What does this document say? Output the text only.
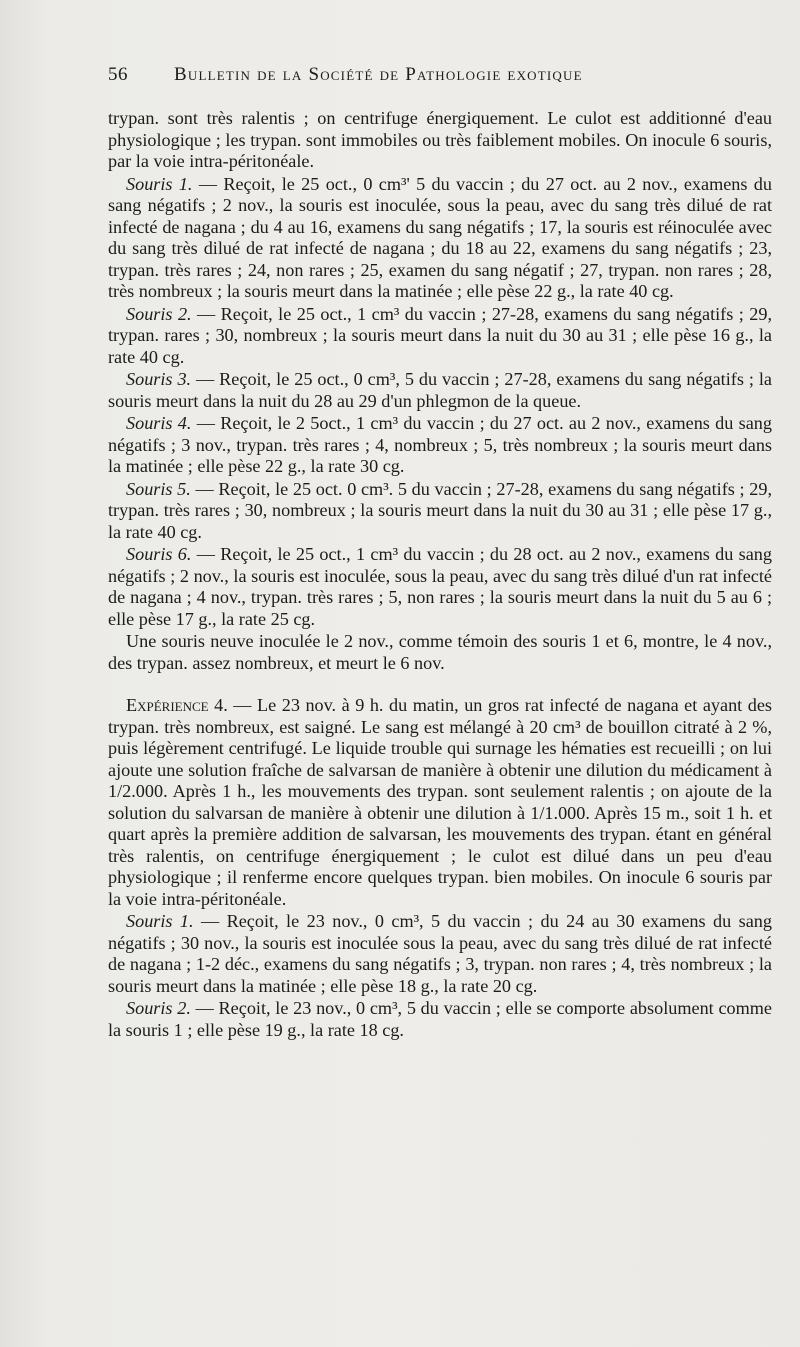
56	Bulletin de la Société de Pathologie exotique

trypan. sont très ralentis ; on centrifuge énergiquement. Le culot est additionné d'eau physiologique ; les trypan. sont immobiles ou très faiblement mobiles. On inocule 6 souris, par la voie intra-péritonéale.

Souris 1. — Reçoit, le 25 oct., 0 cm³' 5 du vaccin ; du 27 oct. au 2 nov., examens du sang négatifs ; 2 nov., la souris est inoculée, sous la peau, avec du sang très dilué de rat infecté de nagana ; du 4 au 16, examens du sang négatifs ; 17, la souris est réinoculée avec du sang très dilué de rat infecté de nagana ; du 18 au 22, examens du sang négatifs ; 23, trypan. très rares ; 24, non rares ; 25, examen du sang négatif ; 27, trypan. non rares ; 28, très nombreux ; la souris meurt dans la matinée ; elle pèse 22 g., la rate 40 cg.

Souris 2. — Reçoit, le 25 oct., 1 cm³ du vaccin ; 27-28, examens du sang négatifs ; 29, trypan. rares ; 30, nombreux ; la souris meurt dans la nuit du 30 au 31 ; elle pèse 16 g., la rate 40 cg.

Souris 3. — Reçoit, le 25 oct., 0 cm³, 5 du vaccin ; 27-28, examens du sang négatifs ; la souris meurt dans la nuit du 28 au 29 d'un phlegmon de la queue.

Souris 4. — Reçoit, le 2 5oct., 1 cm³ du vaccin ; du 27 oct. au 2 nov., examens du sang négatifs ; 3 nov., trypan. très rares ; 4, nombreux ; 5, très nombreux ; la souris meurt dans la matinée ; elle pèse 22 g., la rate 30 cg.

Souris 5. — Reçoit, le 25 oct. 0 cm³. 5 du vaccin ; 27-28, examens du sang négatifs ; 29, trypan. très rares ; 30, nombreux ; la souris meurt dans la nuit du 30 au 31 ; elle pèse 17 g., la rate 40 cg.

Souris 6. — Reçoit, le 25 oct., 1 cm³ du vaccin ; du 28 oct. au 2 nov., examens du sang négatifs ; 2 nov., la souris est inoculée, sous la peau, avec du sang très dilué d'un rat infecté de nagana ; 4 nov., trypan. très rares ; 5, non rares ; la souris meurt dans la nuit du 5 au 6 ; elle pèse 17 g., la rate 25 cg.

Une souris neuve inoculée le 2 nov., comme témoin des souris 1 et 6, montre, le 4 nov., des trypan. assez nombreux, et meurt le 6 nov.

Expérience 4. — Le 23 nov. à 9 h. du matin, un gros rat infecté de nagana et ayant des trypan. très nombreux, est saigné. Le sang est mélangé à 20 cm³ de bouillon citraté à 2 %, puis légèrement centrifugé. Le liquide trouble qui surnage les hématies est recueilli ; on lui ajoute une solution fraîche de salvarsan de manière à obtenir une dilution du médicament à 1/2.000. Après 1 h., les mouvements des trypan. sont seulement ralentis ; on ajoute de la solution du salvarsan de manière à obtenir une dilution à 1/1.000. Après 15 m., soit 1 h. et quart après la première addition de salvarsan, les mouvements des trypan. étant en général très ralentis, on centrifuge énergiquement ; le culot est dilué dans un peu d'eau physiologique ; il renferme encore quelques trypan. bien mobiles. On inocule 6 souris par la voie intra-péritonéale.

Souris 1. — Reçoit, le 23 nov., 0 cm³, 5 du vaccin ; du 24 au 30 examens du sang négatifs ; 30 nov., la souris est inoculée sous la peau, avec du sang très dilué de rat infecté de nagana ; 1-2 déc., examens du sang négatifs ; 3, trypan. non rares ; 4, très nombreux ; la souris meurt dans la matinée ; elle pèse 18 g., la rate 20 cg.

Souris 2. — Reçoit, le 23 nov., 0 cm³, 5 du vaccin ; elle se comporte absolument comme la souris 1 ; elle pèse 19 g., la rate 18 cg.
